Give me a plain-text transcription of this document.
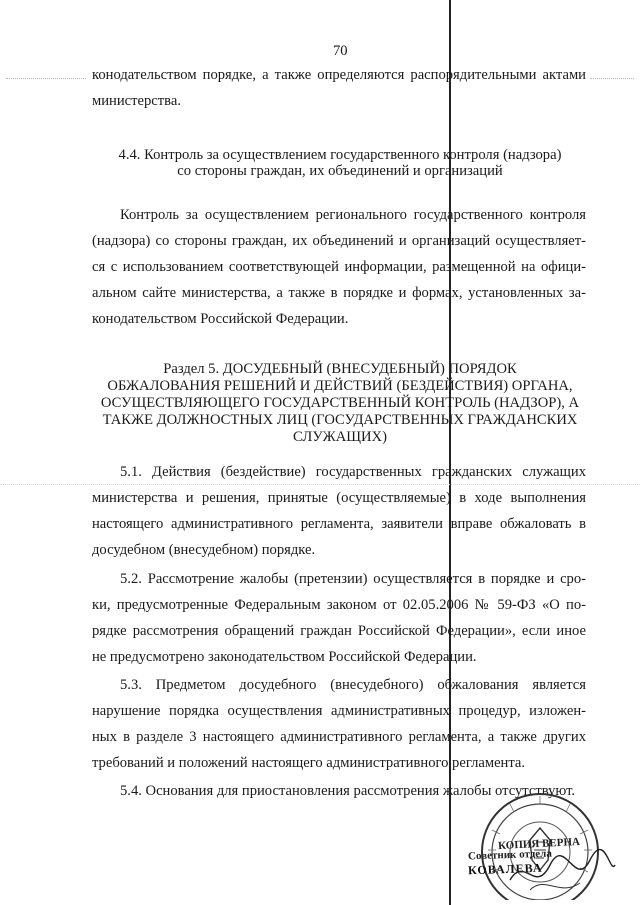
70
конодательством порядке, а также определяются распорядительными актами
министерства.
4.4. Контроль за осуществлением государственного контроля (надзора)
со стороны граждан, их объединений и организаций
Контроль за осуществлением регионального государственного контроля
(надзора) со стороны граждан, их объединений и организаций осуществляет-
ся с использованием соответствующей информации, размещенной на офици-
альном сайте министерства, а также в порядке и формах, установленных за-
конодательством Российской Федерации.
Раздел 5. ДОСУДЕБНЫЙ (ВНЕСУДЕБНЫЙ) ПОРЯДОК
ОБЖАЛОВАНИЯ РЕШЕНИЙ И ДЕЙСТВИЙ (БЕЗДЕЙСТВИЯ) ОРГАНА,
ОСУЩЕСТВЛЯЮЩЕГО ГОСУДАРСТВЕННЫЙ КОНТРОЛЬ (НАДЗОР), А
ТАКЖЕ ДОЛЖНОСТНЫХ ЛИЦ (ГОСУДАРСТВЕННЫХ ГРАЖДАНСКИХ
СЛУЖАЩИХ)
5.1. Действия (бездействие) государственных гражданских служащих
министерства и решения, принятые (осуществляемые) в ходе выполнения
настоящего административного регламента, заявители вправе обжаловать в
досудебном (внесудебном) порядке.
5.2. Рассмотрение жалобы (претензии) осуществляется в порядке и сро-
ки, предусмотренные Федеральным законом от 02.05.2006 № 59-ФЗ «О по-
рядке рассмотрения обращений граждан Российской Федерации», если иное
не предусмотрено законодательством Российской Федерации.
5.3. Предметом досудебного (внесудебного) обжалования является
нарушение порядка осуществления административных процедур, изложен-
ных в разделе 3 настоящего административного регламента, а также других
требований и положений настоящего административного регламента.
5.4. Основания для приостановления рассмотрения жалобы отсутствуют.
КОПИЯ ВЕРНА
Советник отдела
КОВАЛЕВА
